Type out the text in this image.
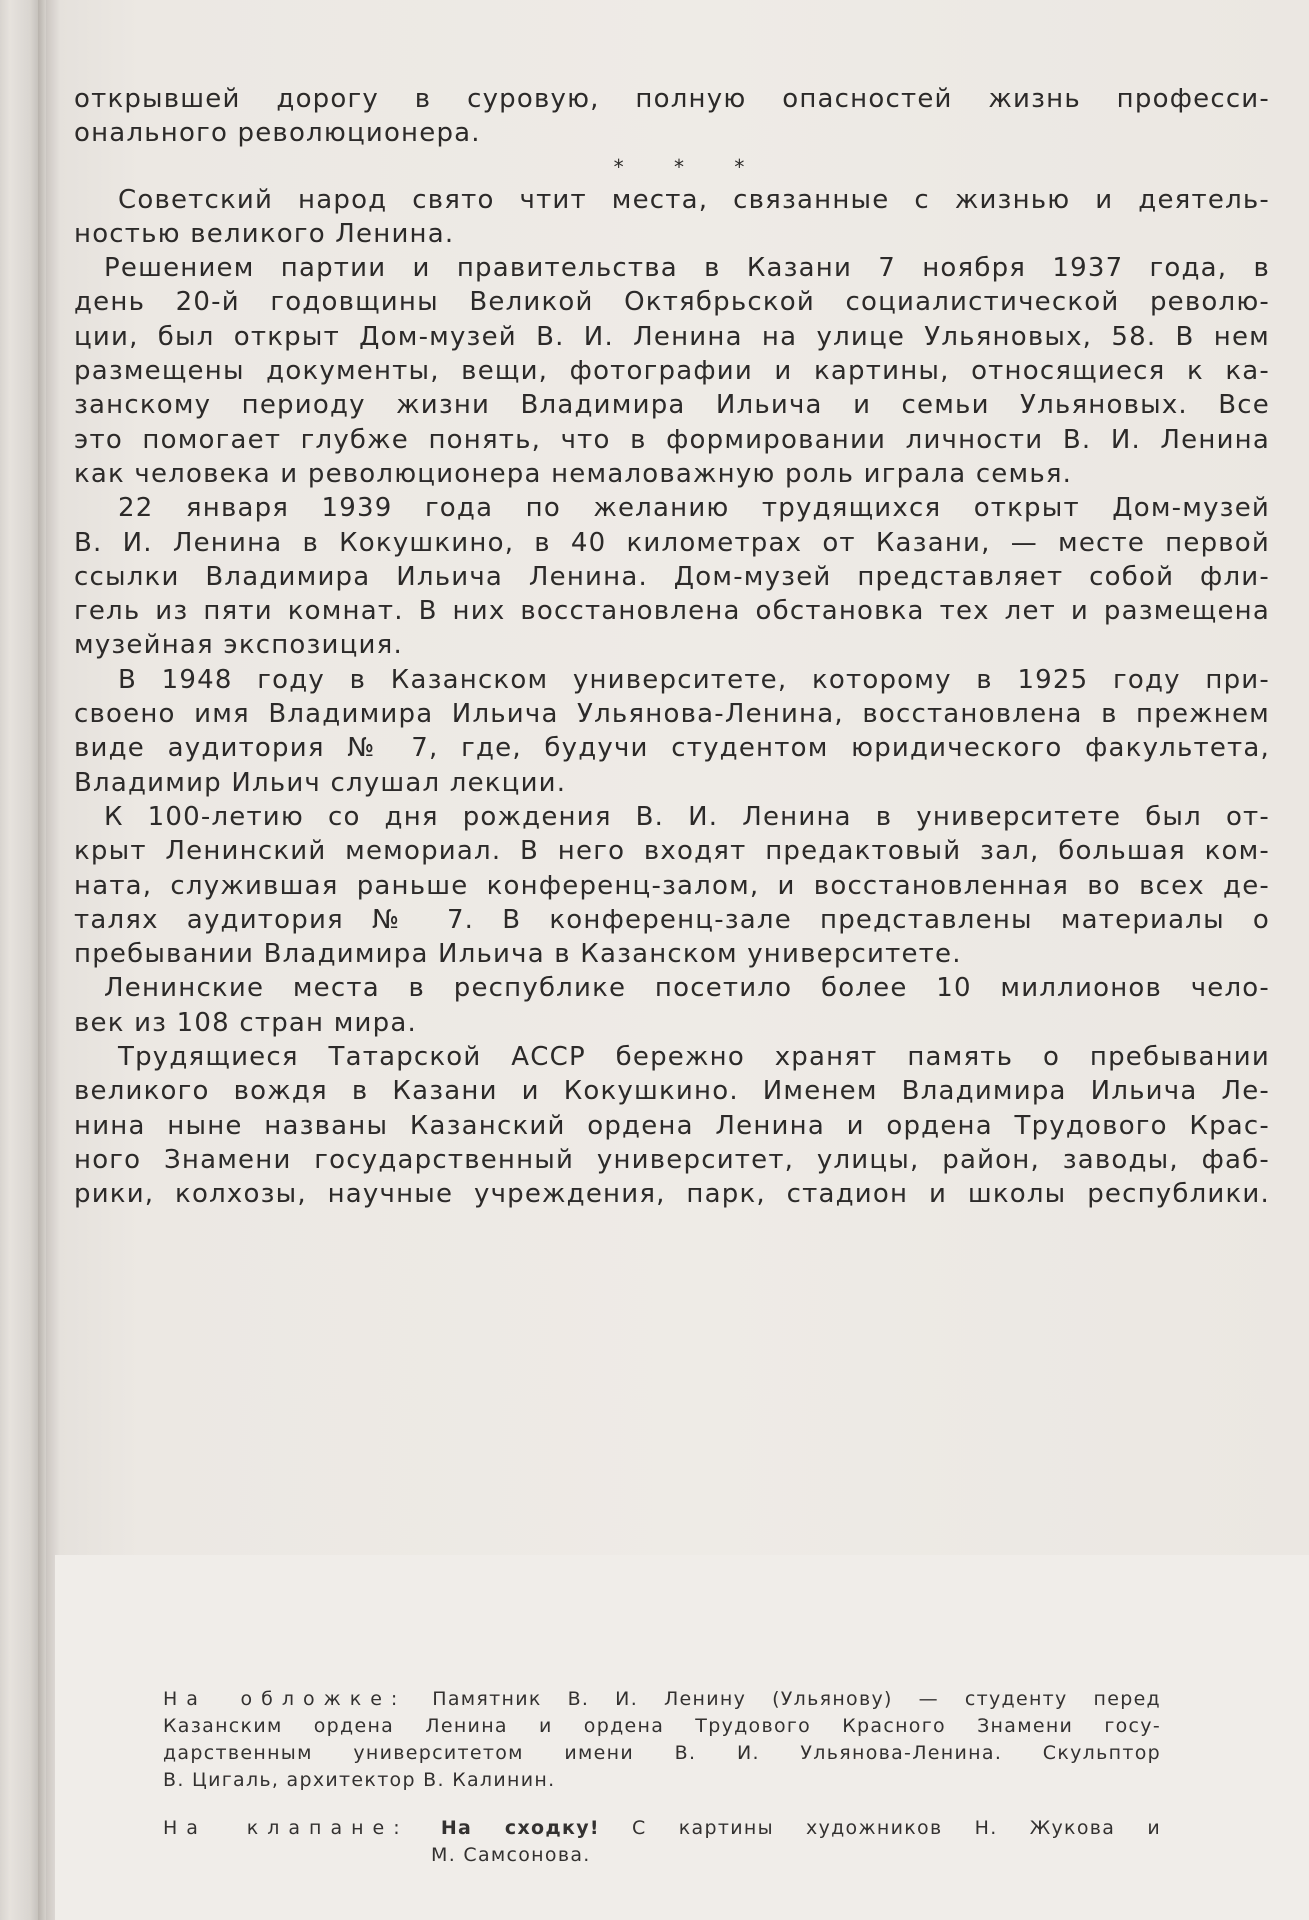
открывшей дорогу в суровую, полную опасностей жизнь професси-
онального революционера.
* * *
Советский народ свято чтит места, связанные с жизнью и деятель-
ностью великого Ленина.
Решением партии и правительства в Казани 7 ноября 1937 года, в
день 20-й годовщины Великой Октябрьской социалистической револю-
ции, был открыт Дом-музей В. И. Ленина на улице Ульяновых, 58. В нем
размещены документы, вещи, фотографии и картины, относящиеся к ка-
занскому периоду жизни Владимира Ильича и семьи Ульяновых. Все
это помогает глубже понять, что в формировании личности В. И. Ленина
как человека и революционера немаловажную роль играла семья.
22 января 1939 года по желанию трудящихся открыт Дом-музей
В. И. Ленина в Кокушкино, в 40 километрах от Казани, — месте первой
ссылки Владимира Ильича Ленина. Дом-музей представляет собой фли-
гель из пяти комнат. В них восстановлена обстановка тех лет и размещена
музейная экспозиция.
В 1948 году в Казанском университете, которому в 1925 году при-
своено имя Владимира Ильича Ульянова-Ленина, восстановлена в прежнем
виде аудитория № 7, где, будучи студентом юридического факультета,
Владимир Ильич слушал лекции.
К 100-летию со дня рождения В. И. Ленина в университете был от-
крыт Ленинский мемориал. В него входят предактовый зал, большая ком-
ната, служившая раньше конференц-залом, и восстановленная во всех де-
талях аудитория № 7. В конференц-зале представлены материалы о
пребывании Владимира Ильича в Казанском университете.
Ленинские места в республике посетило более 10 миллионов чело-
век из 108 стран мира.
Трудящиеся Татарской АССР бережно хранят память о пребывании
великого вождя в Казани и Кокушкино. Именем Владимира Ильича Ле-
нина ныне названы Казанский ордена Ленина и ордена Трудового Крас-
ного Знамени государственный университет, улицы, район, заводы, фаб-
рики, колхозы, научные учреждения, парк, стадион и школы республики.
На обложке: Памятник В. И. Ленину (Ульянову) — студенту перед
Казанским ордена Ленина и ордена Трудового Красного Знамени госу-
дарственным университетом имени В. И. Ульянова-Ленина. Скульптор
В. Цигаль, архитектор В. Калинин.
На клапане: На сходку! С картины художников Н. Жукова и
М. Самсонова.
